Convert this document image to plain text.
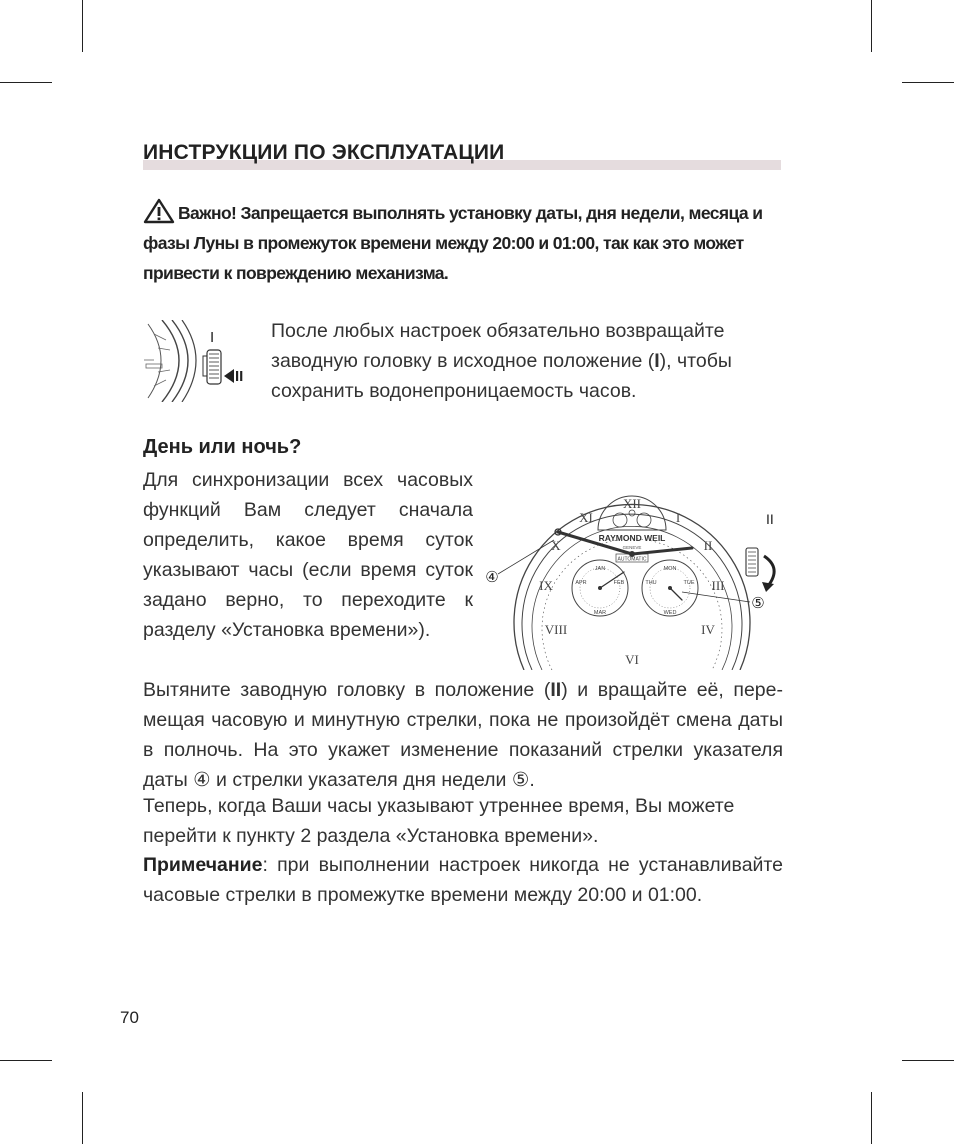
ИНСТРУКЦИИ ПО ЭКСПЛУАТАЦИИ
Важно! Запрещается выполнять установку даты, дня недели, месяца и фазы Луны в промежуток времени между 20:00 и 01:00, так как это может привести к повреждению механизма.
I
II
После любых настроек обязательно возвращайте заводную головку в исходное положение (I), чтобы сохранить водонепроницаемость часов.
День или ночь?
Для синхронизации всех часовых функций Вам следует сначала определить, какое время суток указывают часы (если время суток задано верно, то переходите к разделу «Установка времени»).
XII
I
II
III
IV
VI
VIII
IX
X
XI
RAYMOND WEIL
GENEVE
AUTOMATIC
JAN
FEB
MAR
APR
MON
TUE
WED
THU
II
④
⑤
Вытяните заводную головку в положение (II) и вращайте её, перемещая часовую и минутную стрелки, пока не произойдёт смена даты в полночь. На это укажет изменение показаний стрелки указателя даты ④ и стрелки указателя дня недели ⑤.
Теперь, когда Ваши часы указывают утреннее время, Вы можете перейти к пункту 2 раздела «Установка времени».
Примечание: при выполнении настроек никогда не устанавливайте часовые стрелки в промежутке времени между 20:00 и 01:00.
70
